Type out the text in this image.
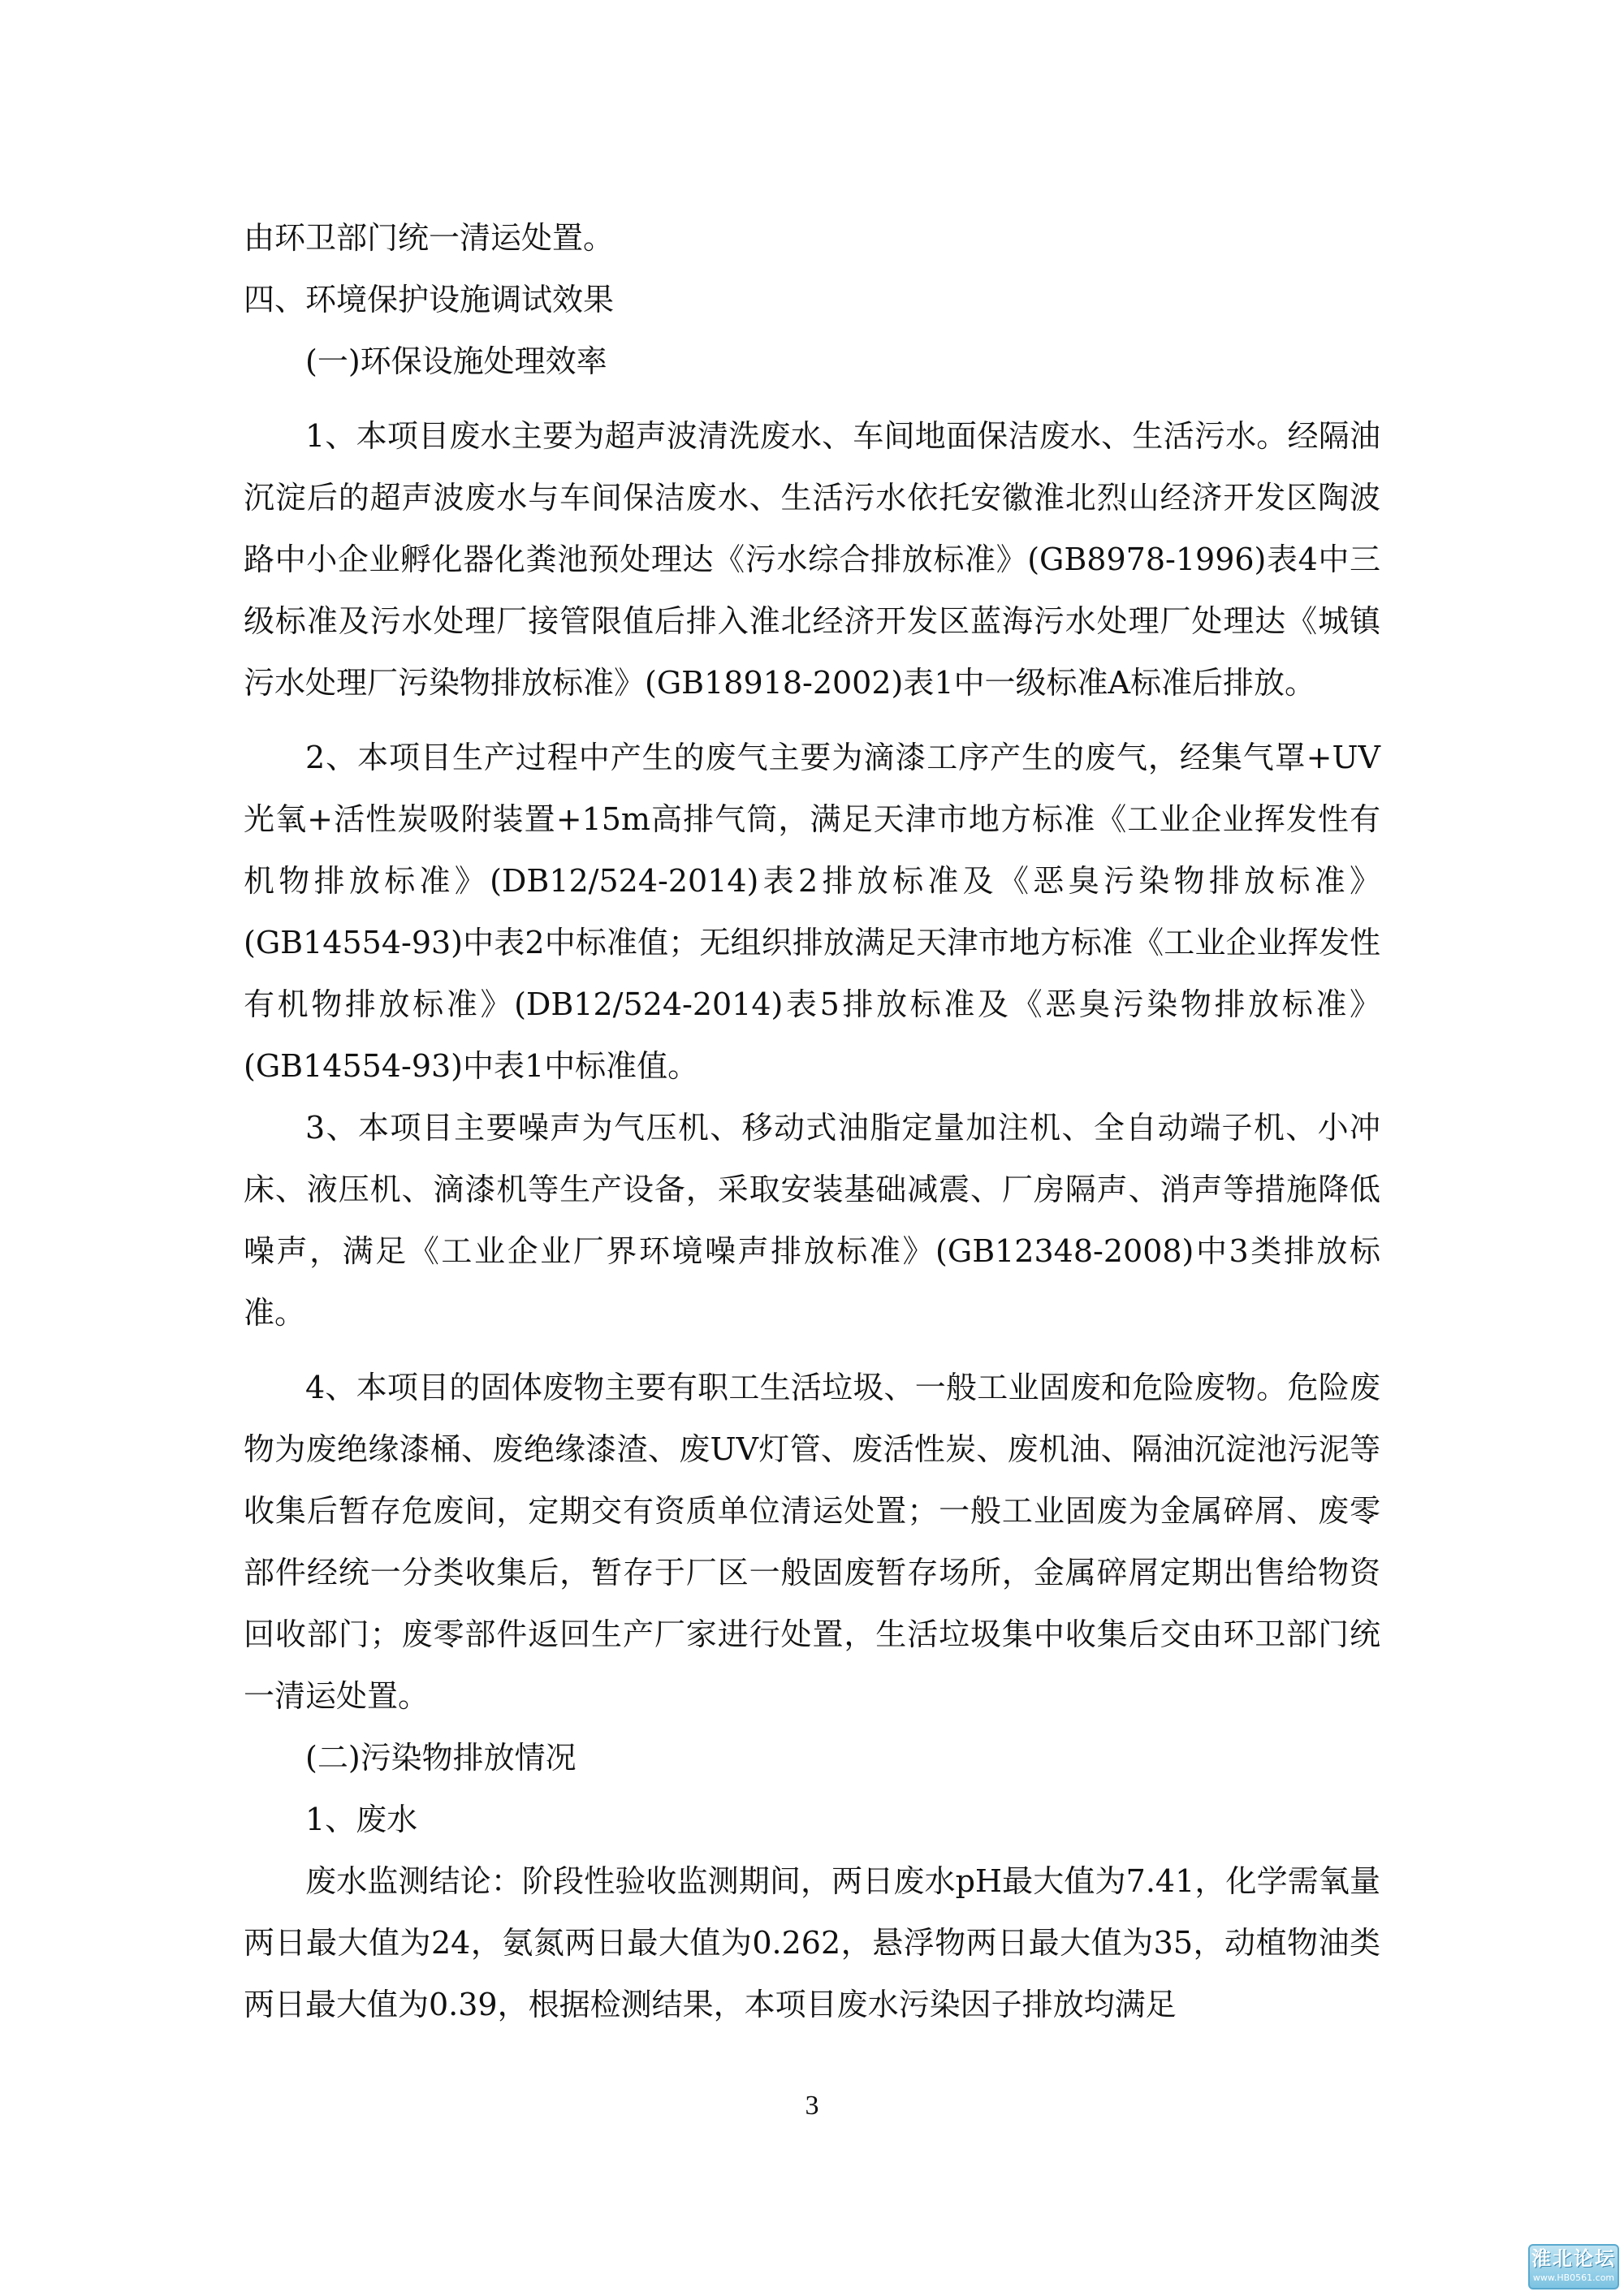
由环卫部门统一清运处置。

四、环境保护设施调试效果

(一)环保设施处理效率

1、本项目废水主要为超声波清洗废水、车间地面保洁废水、生活污水。经隔油沉淀后的超声波废水与车间保洁废水、生活污水依托安徽淮北烈山经济开发区陶波路中小企业孵化器化粪池预处理达《污水综合排放标准》(GB8978-1996)表4中三级标准及污水处理厂接管限值后排入淮北经济开发区蓝海污水处理厂处理达《城镇污水处理厂污染物排放标准》(GB18918-2002)表1中一级标准A标准后排放。

2、本项目生产过程中产生的废气主要为滴漆工序产生的废气，经集气罩+UV光氧+活性炭吸附装置+15m高排气筒，满足天津市地方标准《工业企业挥发性有机物排放标准》(DB12/524-2014)表2排放标准及《恶臭污染物排放标准》(GB14554-93)中表2中标准值；无组织排放满足天津市地方标准《工业企业挥发性有机物排放标准》(DB12/524-2014)表5排放标准及《恶臭污染物排放标准》(GB14554-93)中表1中标准值。

3、本项目主要噪声为气压机、移动式油脂定量加注机、全自动端子机、小冲床、液压机、滴漆机等生产设备，采取安装基础减震、厂房隔声、消声等措施降低噪声，满足《工业企业厂界环境噪声排放标准》(GB12348-2008)中3类排放标准。

4、本项目的固体废物主要有职工生活垃圾、一般工业固废和危险废物。危险废物为废绝缘漆桶、废绝缘漆渣、废UV灯管、废活性炭、废机油、隔油沉淀池污泥等收集后暂存危废间，定期交有资质单位清运处置；一般工业固废为金属碎屑、废零部件经统一分类收集后，暂存于厂区一般固废暂存场所，金属碎屑定期出售给物资回收部门；废零部件返回生产厂家进行处置，生活垃圾集中收集后交由环卫部门统一清运处置。

(二)污染物排放情况

1、废水

废水监测结论：阶段性验收监测期间，两日废水pH最大值为7.41，化学需氧量两日最大值为24，氨氮两日最大值为0.262，悬浮物两日最大值为35，动植物油类两日最大值为0.39，根据检测结果，本项目废水污染因子排放均满足

3
淮北论坛
www.HB0561.com
